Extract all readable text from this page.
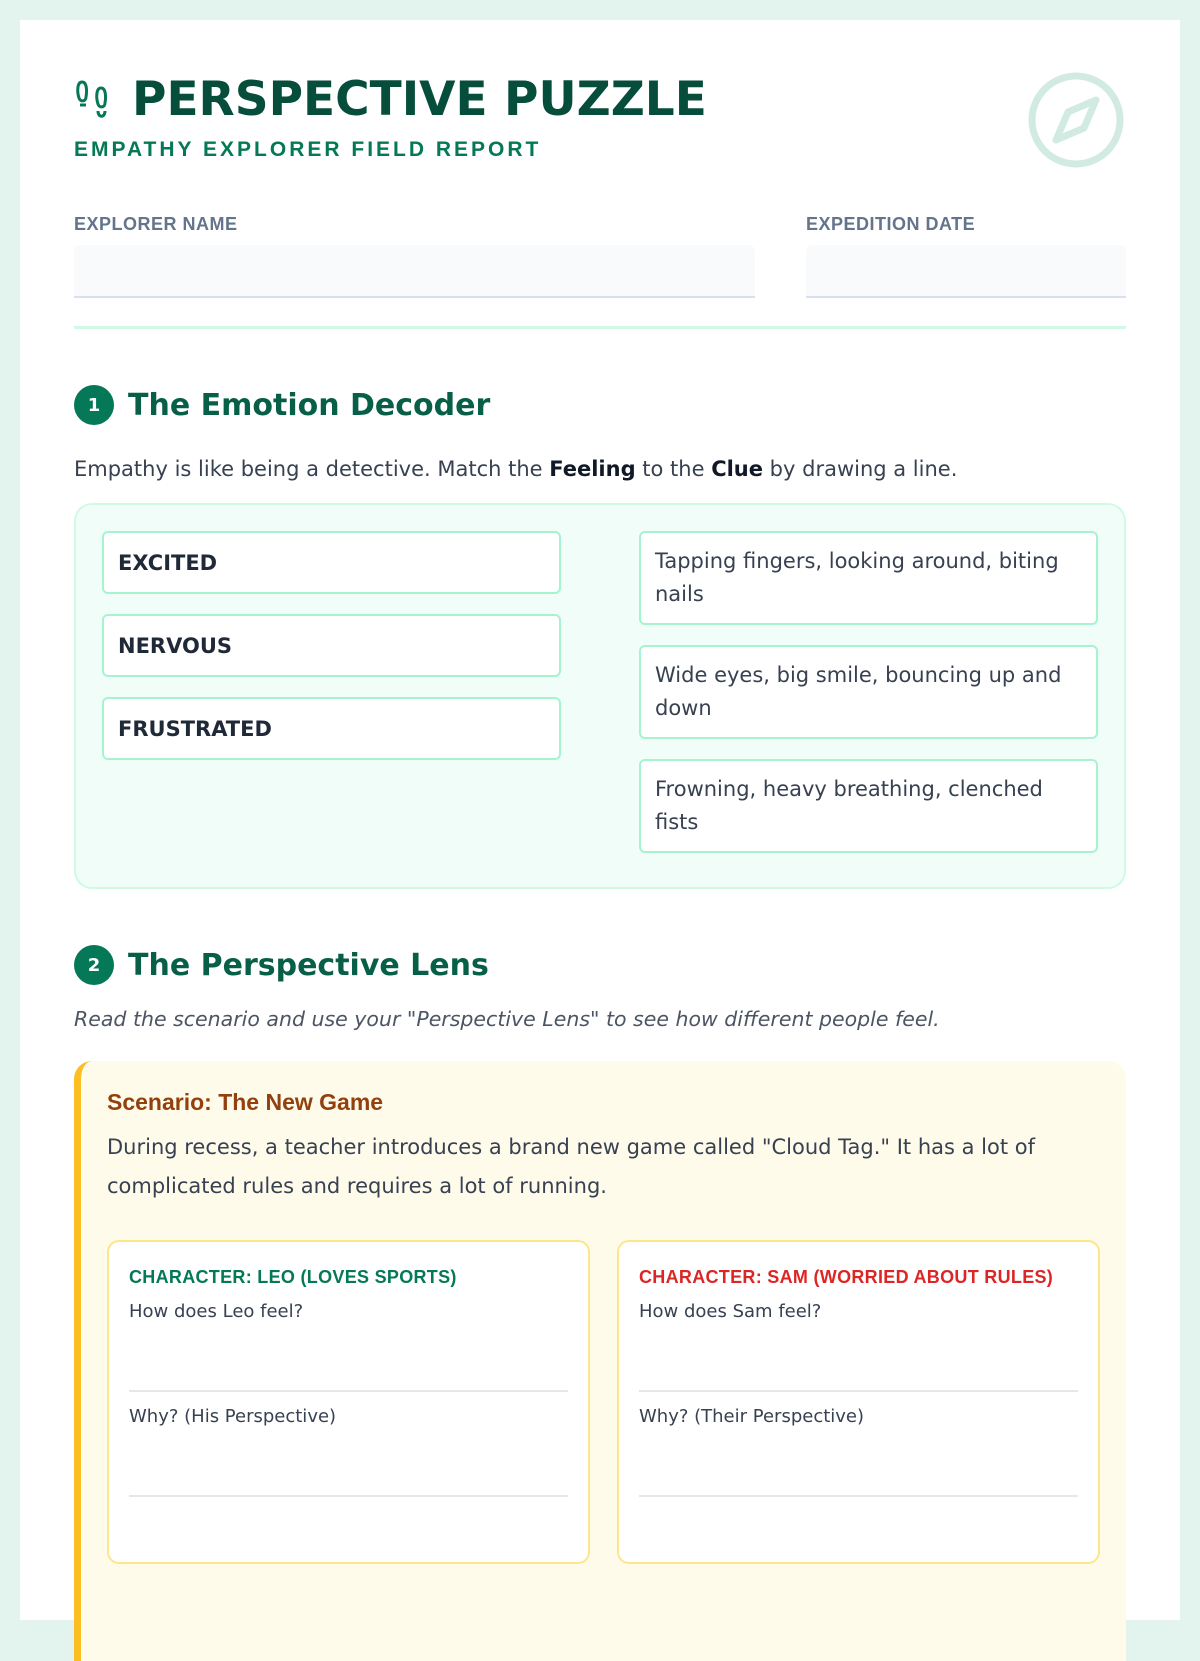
PERSPECTIVE PUZZLE
EMPATHY EXPLORER FIELD REPORT
EXPLORER NAME	EXPEDITION DATE
1 The Emotion Decoder

Empathy is like being a detective. Match the Feeling to the Clue by drawing a line.

EXCITED
NERVOUS
FRUSTRATED
Tapping fingers, looking around, biting nails
Wide eyes, big smile, bouncing up and down
Frowning, heavy breathing, clenched fists
2 The Perspective Lens

Read the scenario and use your "Perspective Lens" to see how different people feel.

Scenario: The New Game

During recess, a teacher introduces a brand new game called "Cloud Tag." It has a lot of complicated rules and requires a lot of running.

CHARACTER: LEO (LOVES SPORTS)
How does Leo feel?
Why? (His Perspective)
CHARACTER: SAM (WORRIED ABOUT RULES)
How does Sam feel?
Why? (Their Perspective)
